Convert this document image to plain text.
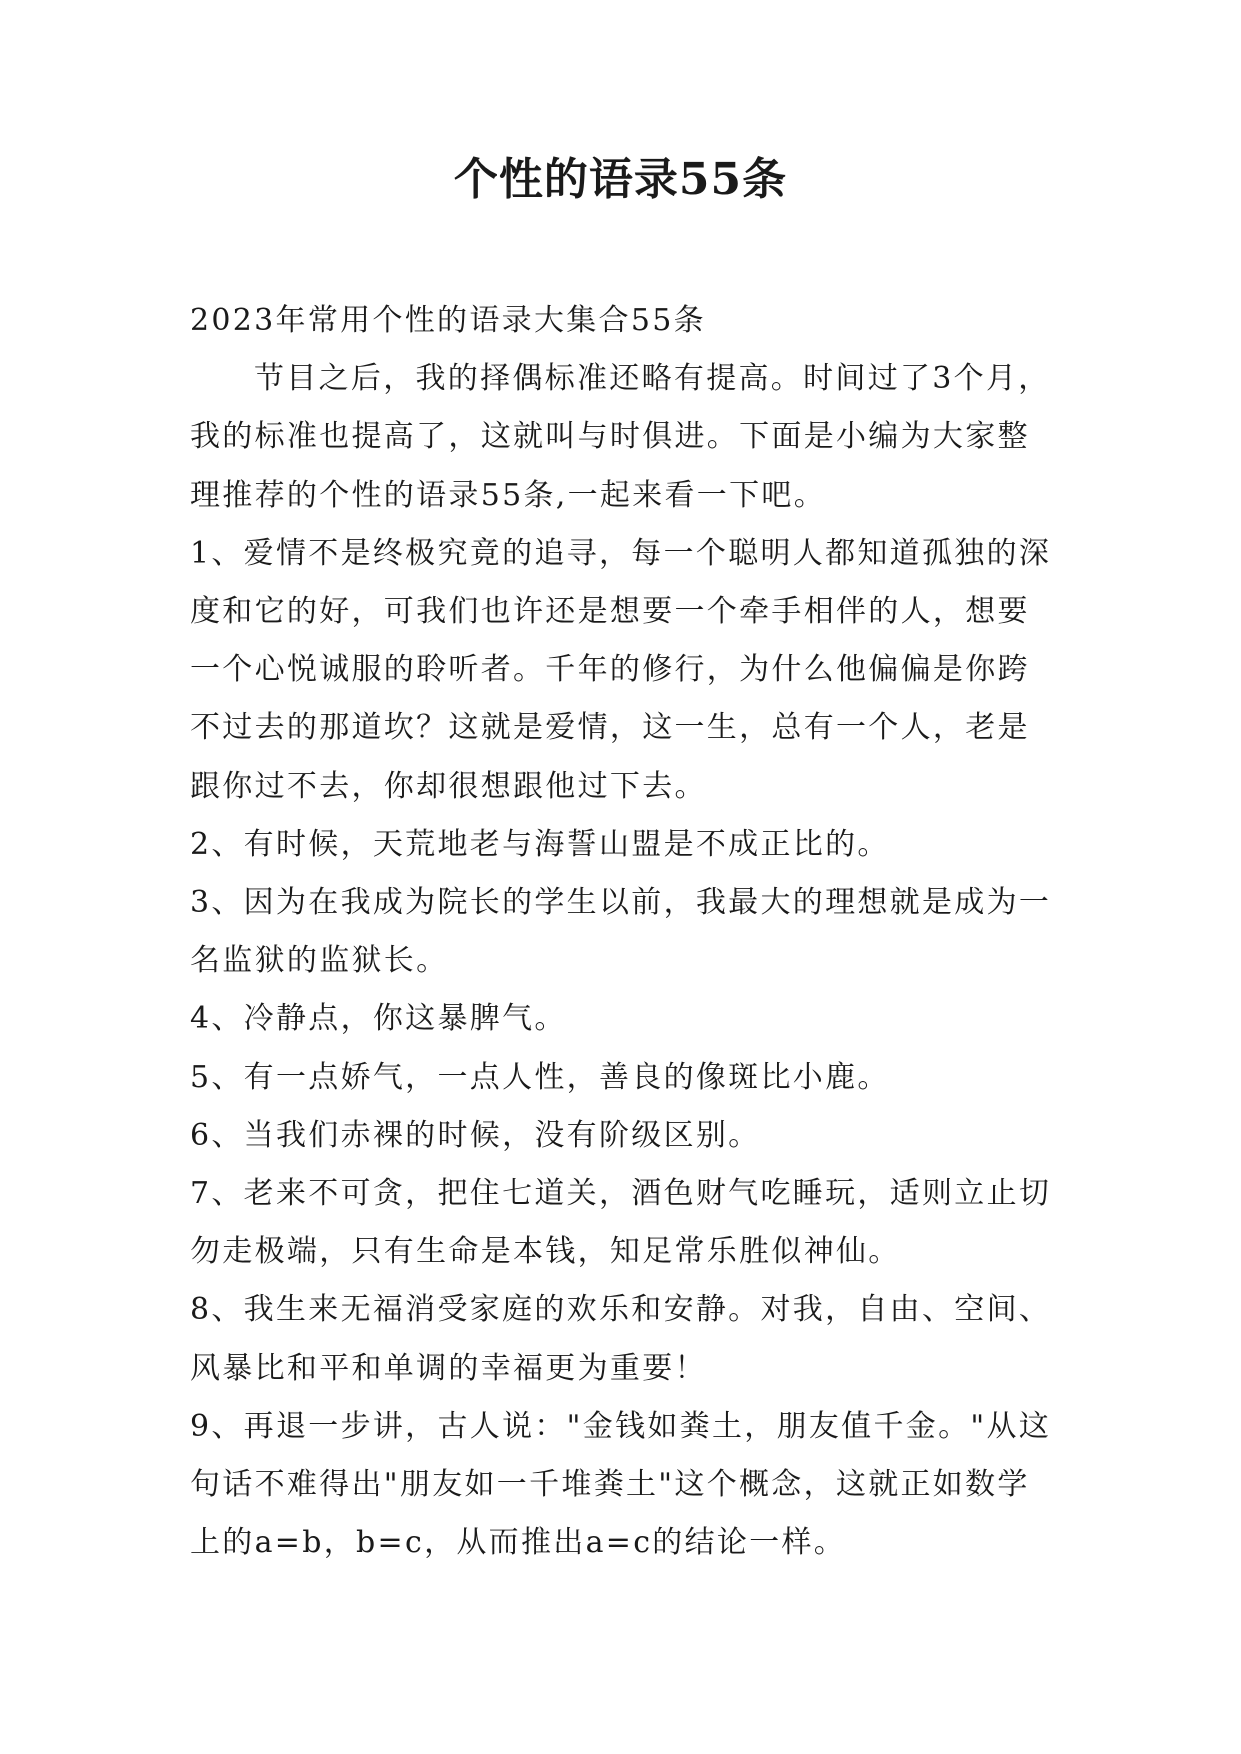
个性的语录55条

2023年常用个性的语录大集合55条

节目之后，我的择偶标准还略有提高。时间过了3个月，我的标准也提高了，这就叫与时俱进。下面是小编为大家整理推荐的个性的语录55条,一起来看一下吧。

1、爱情不是终极究竟的追寻，每一个聪明人都知道孤独的深度和它的好，可我们也许还是想要一个牵手相伴的人，想要一个心悦诚服的聆听者。千年的修行，为什么他偏偏是你跨不过去的那道坎？这就是爱情，这一生，总有一个人，老是跟你过不去，你却很想跟他过下去。

2、有时候，天荒地老与海誓山盟是不成正比的。

3、因为在我成为院长的学生以前，我最大的理想就是成为一名监狱的监狱长。

4、冷静点，你这暴脾气。

5、有一点娇气，一点人性，善良的像斑比小鹿。

6、当我们赤裸的时候，没有阶级区别。

7、老来不可贪，把住七道关，酒色财气吃睡玩，适则立止切勿走极端，只有生命是本钱，知足常乐胜似神仙。

8、我生来无福消受家庭的欢乐和安静。对我，自由、空间、风暴比和平和单调的幸福更为重要！

9、再退一步讲，古人说："金钱如粪土，朋友值千金。"从这句话不难得出"朋友如一千堆粪土"这个概念，这就正如数学上的a=b，b=c，从而推出a=c的结论一样。
